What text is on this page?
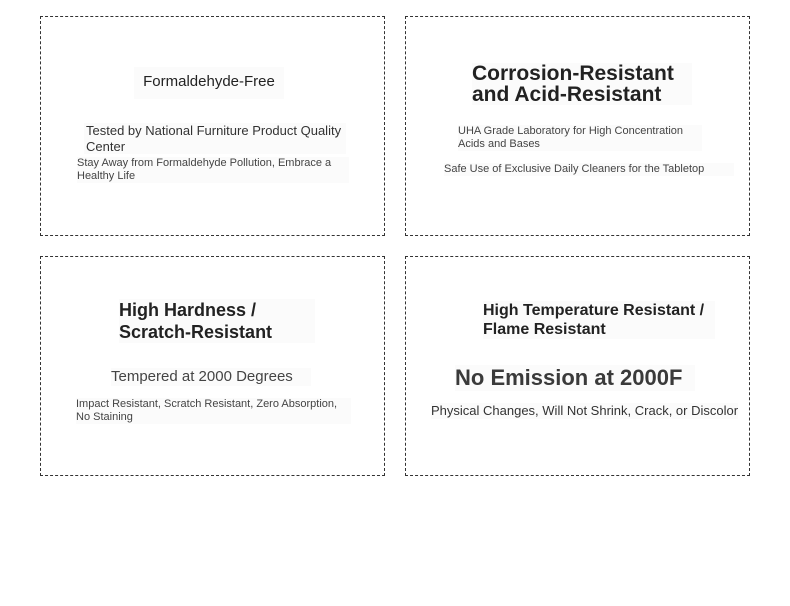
Formaldehyde-Free
Tested by National Furniture Product Quality Center
Stay Away from Formaldehyde Pollution, Embrace a Healthy Life
Corrosion-Resistant and Acid-Resistant
UHA Grade Laboratory for High Concentration Acids and Bases
Safe Use of Exclusive Daily Cleaners for the Tabletop
High Hardness / Scratch-Resistant
Tempered at 2000 Degrees
Impact Resistant, Scratch Resistant, Zero Absorption, No Staining
High Temperature Resistant / Flame Resistant
No Emission at 2000F
Physical Changes, Will Not Shrink, Crack, or Discolor
